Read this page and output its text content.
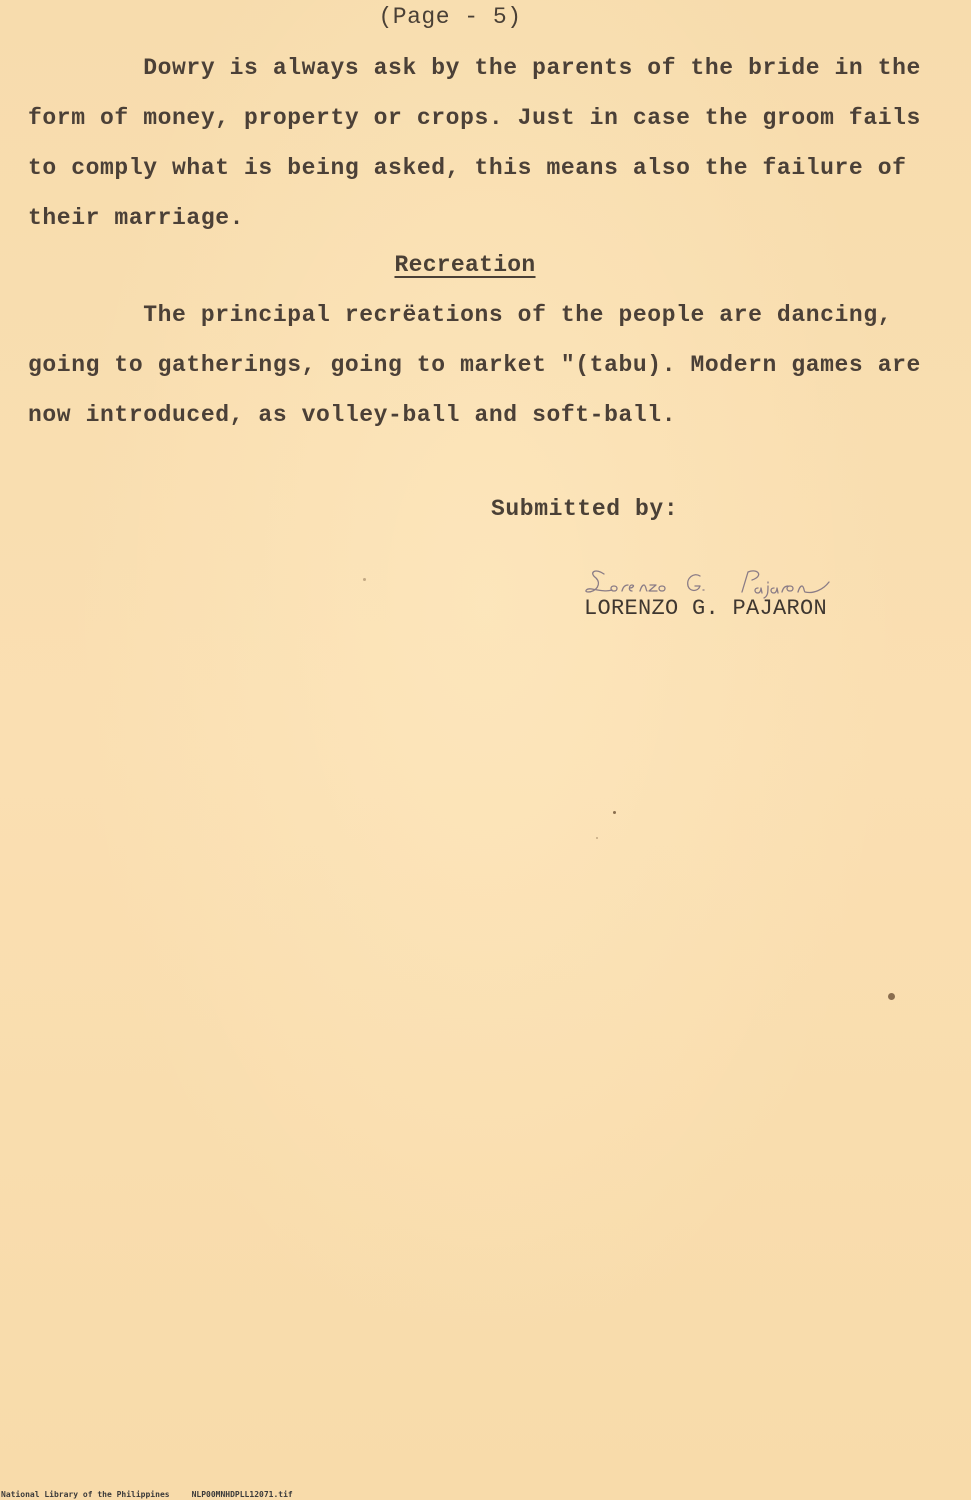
(Page - 5)
Dowry is always ask by the parents of the bride in the
form of money, property or crops. Just in case the groom fails
to comply what is being asked, this means also the failure of
their marriage.
Recreation
The principal recrëations of the people are dancing,
going to gatherings, going to market "(tabu). Modern games are
now introduced, as volley-ball and soft-ball.
Submitted by:
LORENZO G. PAJARON
National Library of the Philippines	NLP00MNHDPLL12071.tif
